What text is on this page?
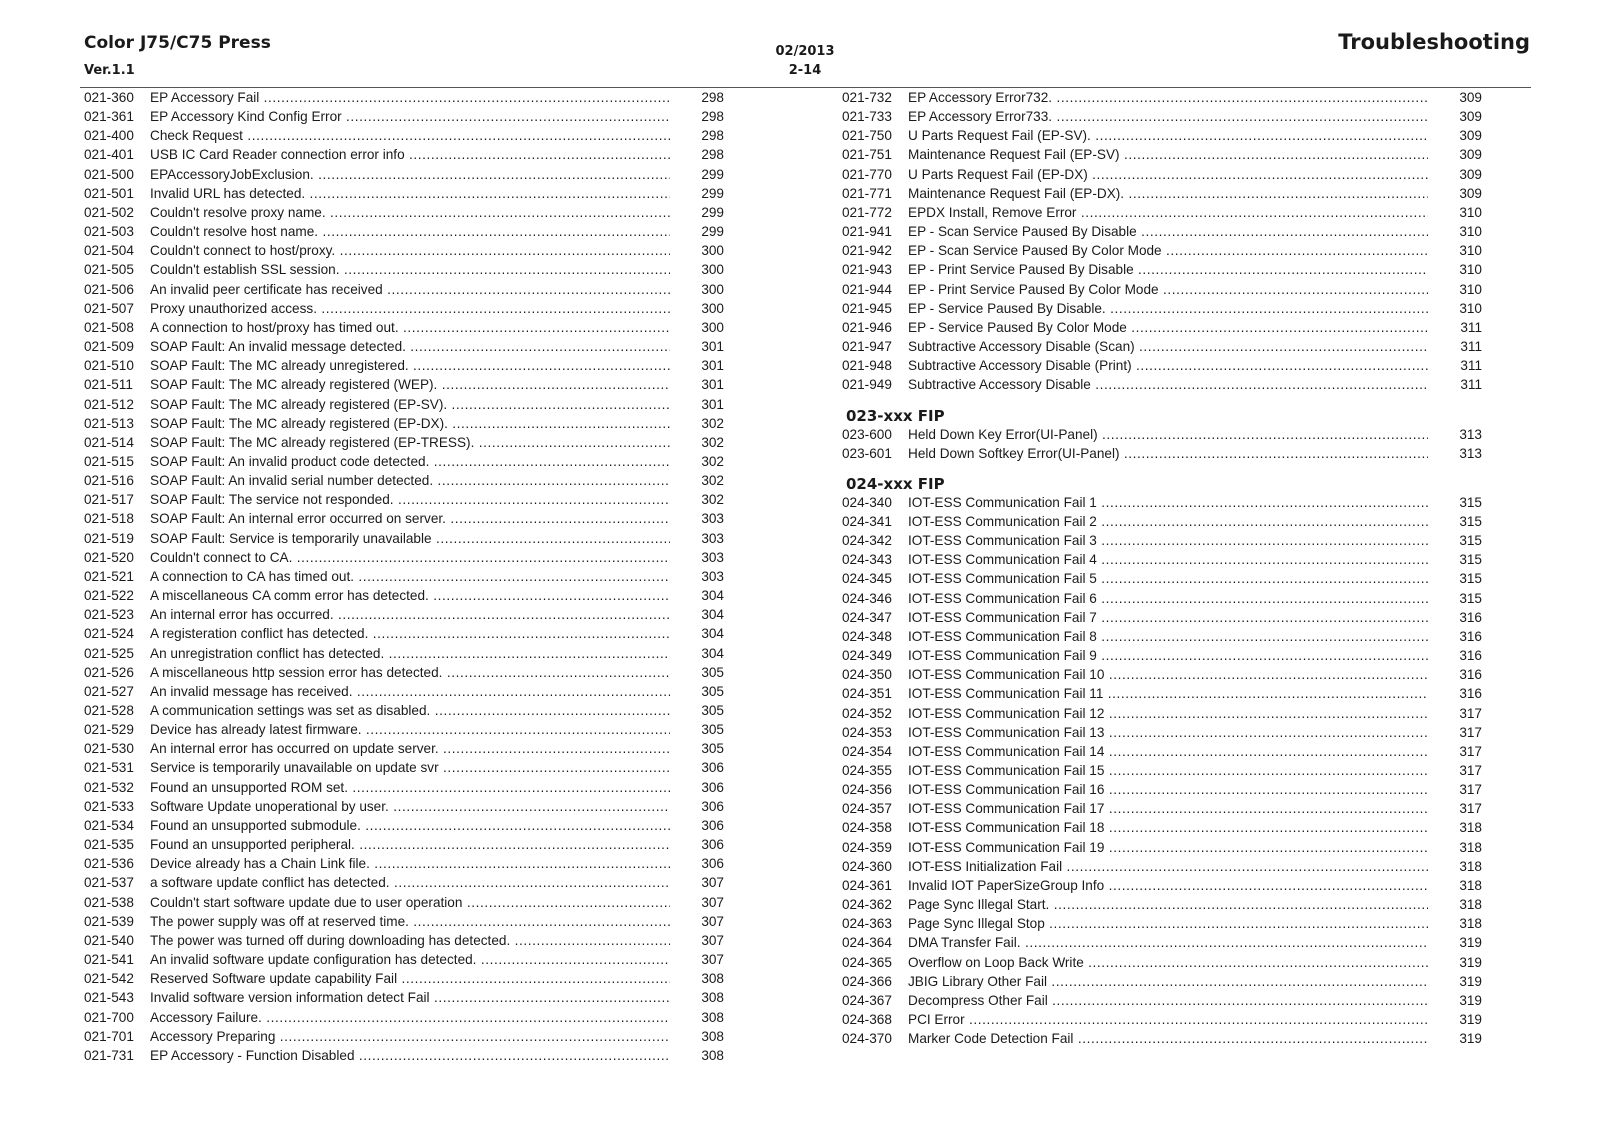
Color J75/C75 Press
Ver.1.1
02/2013
2-14
Troubleshooting
021-360 EP Accessory Fail .....	298
021-361 EP Accessory Kind Config Error .....	298
021-400 Check Request .....	298
021-401 USB IC Card Reader connection error info .....	298
021-500 EPAccessoryJobExclusion. .....	299
021-501 Invalid URL has detected. .....	299
021-502 Couldn't resolve proxy name. .....	299
021-503 Couldn't resolve host name. .....	299
021-504 Couldn't connect to host/proxy. .....	300
021-505 Couldn't establish SSL session. .....	300
021-506 An invalid peer certificate has received .....	300
021-507 Proxy unauthorized access. .....	300
021-508 A connection to host/proxy has timed out. .....	300
021-509 SOAP Fault: An invalid message detected. .....	301
021-510 SOAP Fault: The MC already unregistered. .....	301
021-511 SOAP Fault: The MC already registered (WEP). .....	301
021-512 SOAP Fault: The MC already registered (EP-SV). .....	301
021-513 SOAP Fault: The MC already registered (EP-DX). .....	302
021-514 SOAP Fault: The MC already registered (EP-TRESS). .....	302
021-515 SOAP Fault: An invalid product code detected. .....	302
021-516 SOAP Fault: An invalid serial number detected. .....	302
021-517 SOAP Fault: The service not responded. .....	302
021-518 SOAP Fault: An internal error occurred on server. .....	303
021-519 SOAP Fault: Service is temporarily unavailable .....	303
021-520 Couldn't connect to CA. .....	303
021-521 A connection to CA has timed out. .....	303
021-522 A miscellaneous CA comm error has detected. .....	304
021-523 An internal error has occurred. .....	304
021-524 A registeration conflict has detected. .....	304
021-525 An unregistration conflict has detected. .....	304
021-526 A miscellaneous http session error has detected. .....	305
021-527 An invalid message has received. .....	305
021-528 A communication settings was set as disabled. .....	305
021-529 Device has already latest firmware. .....	305
021-530 An internal error has occurred on update server. .....	305
021-531 Service is temporarily unavailable on update svr .....	306
021-532 Found an unsupported ROM set. .....	306
021-533 Software Update unoperational by user. .....	306
021-534 Found an unsupported submodule. .....	306
021-535 Found an unsupported peripheral. .....	306
021-536 Device already has a Chain Link file. .....	306
021-537 a software update conflict has detected. .....	307
021-538 Couldn't start software update due to user operation .....	307
021-539 The power supply was off at reserved time. .....	307
021-540 The power was turned off during downloading has detected. .....	307
021-541 An invalid software update configuration has detected. .....	307
021-542 Reserved Software update capability Fail .....	308
021-543 Invalid software version information detect Fail .....	308
021-700 Accessory Failure. .....	308
021-701 Accessory Preparing .....	308
021-731 EP Accessory - Function Disabled .....	308
021-732 EP Accessory Error732. .....	309
021-733 EP Accessory Error733. .....	309
021-750 U Parts Request Fail (EP-SV). .....	309
021-751 Maintenance Request Fail (EP-SV) .....	309
021-770 U Parts Request Fail (EP-DX) .....	309
021-771 Maintenance Request Fail (EP-DX). .....	309
021-772 EPDX Install, Remove Error .....	310
021-941 EP - Scan Service Paused By Disable .....	310
021-942 EP - Scan Service Paused By Color Mode .....	310
021-943 EP - Print Service Paused By Disable .....	310
021-944 EP - Print Service Paused By Color Mode .....	310
021-945 EP - Service Paused By Disable. .....	310
021-946 EP - Service Paused By Color Mode .....	311
021-947 Subtractive Accessory Disable (Scan) .....	311
021-948 Subtractive Accessory Disable (Print) .....	311
021-949 Subtractive Accessory Disable .....	311
023-xxx FIP
023-600 Held Down Key Error(UI-Panel) .....	313
023-601 Held Down Softkey Error(UI-Panel) .....	313
024-xxx FIP
024-340 IOT-ESS Communication Fail 1 .....	315
024-341 IOT-ESS Communication Fail 2 .....	315
024-342 IOT-ESS Communication Fail 3 .....	315
024-343 IOT-ESS Communication Fail 4 .....	315
024-345 IOT-ESS Communication Fail 5 .....	315
024-346 IOT-ESS Communication Fail 6 .....	315
024-347 IOT-ESS Communication Fail 7 .....	316
024-348 IOT-ESS Communication Fail 8 .....	316
024-349 IOT-ESS Communication Fail 9 .....	316
024-350 IOT-ESS Communication Fail 10 .....	316
024-351 IOT-ESS Communication Fail 11 .....	316
024-352 IOT-ESS Communication Fail 12 .....	317
024-353 IOT-ESS Communication Fail 13 .....	317
024-354 IOT-ESS Communication Fail 14 .....	317
024-355 IOT-ESS Communication Fail 15 .....	317
024-356 IOT-ESS Communication Fail 16 .....	317
024-357 IOT-ESS Communication Fail 17 .....	317
024-358 IOT-ESS Communication Fail 18 .....	318
024-359 IOT-ESS Communication Fail 19 .....	318
024-360 IOT-ESS Initialization Fail .....	318
024-361 Invalid IOT PaperSizeGroup Info .....	318
024-362 Page Sync Illegal Start. .....	318
024-363 Page Sync Illegal Stop .....	318
024-364 DMA Transfer Fail. .....	319
024-365 Overflow on Loop Back Write .....	319
024-366 JBIG Library Other Fail .....	319
024-367 Decompress Other Fail .....	319
024-368 PCI Error .....	319
024-370 Marker Code Detection Fail .....	319
